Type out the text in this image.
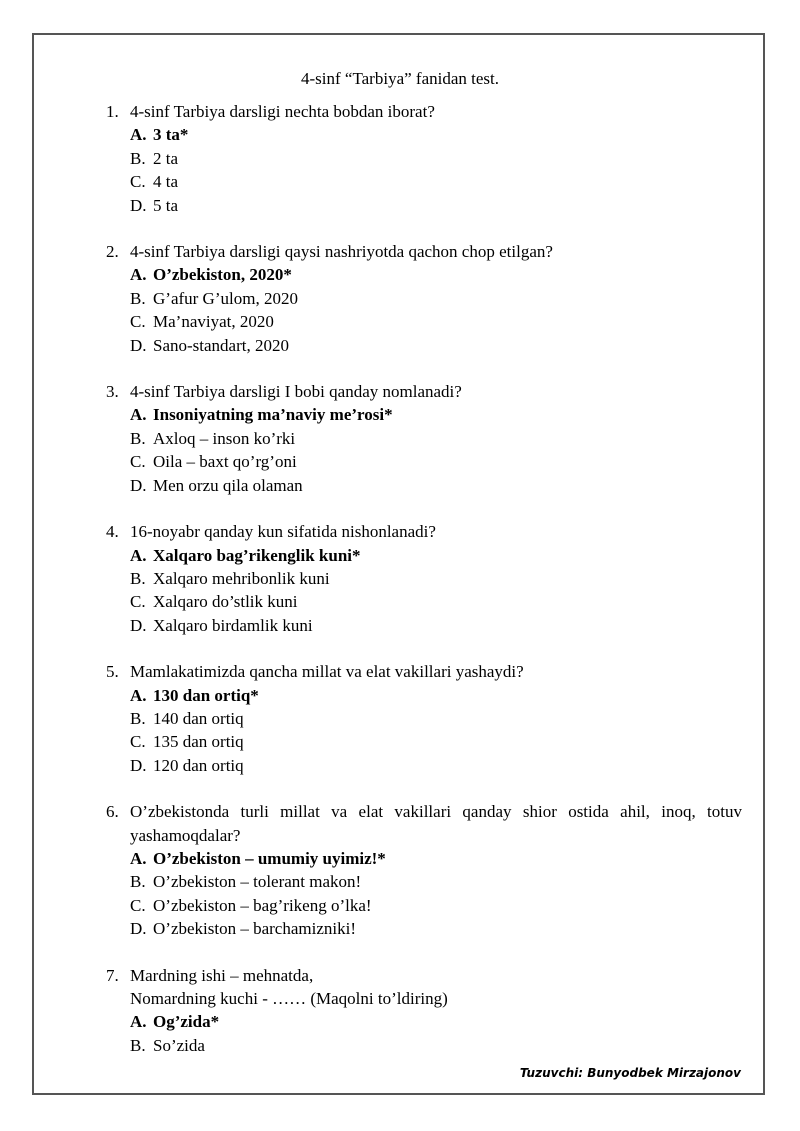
4-sinf “Tarbiya” fanidan test.
1. 4-sinf Tarbiya darsligi nechta bobdan iborat?
A. 3 ta*
B. 2 ta
C. 4 ta
D. 5 ta
2. 4-sinf Tarbiya darsligi qaysi nashriyotda qachon chop etilgan?
A. O’zbekiston, 2020*
B. G’afur G’ulom, 2020
C. Ma’naviyat, 2020
D. Sano-standart, 2020
3. 4-sinf Tarbiya darsligi I bobi qanday nomlanadi?
A. Insoniyatning ma’naviy me’rosi*
B. Axloq – inson ko’rki
C. Oila – baxt qo’rg’oni
D. Men orzu qila olaman
4. 16-noyabr qanday kun sifatida nishonlanadi?
A. Xalqaro bag’rikenglik kuni*
B. Xalqaro mehribonlik kuni
C. Xalqaro do’stlik kuni
D. Xalqaro birdamlik kuni
5. Mamlakatimizda qancha millat va elat vakillari yashaydi?
A. 130 dan ortiq*
B. 140 dan ortiq
C. 135 dan ortiq
D. 120 dan ortiq
6. O’zbekistonda turli millat va elat vakillari qanday shior ostida ahil, inoq, totuv yashamoqdalar?
A. O’zbekiston – umumiy uyimiz!*
B. O’zbekiston – tolerant makon!
C. O’zbekiston – bag’rikeng o’lka!
D. O’zbekiston – barchamizniki!
7. Mardning ishi – mehnatda,
Nomardning kuchi - …… (Maqolni to’ldiring)
A. Og’zida*
B. So’zida
Tuzuvchi: Bunyodbek Mirzajonov
